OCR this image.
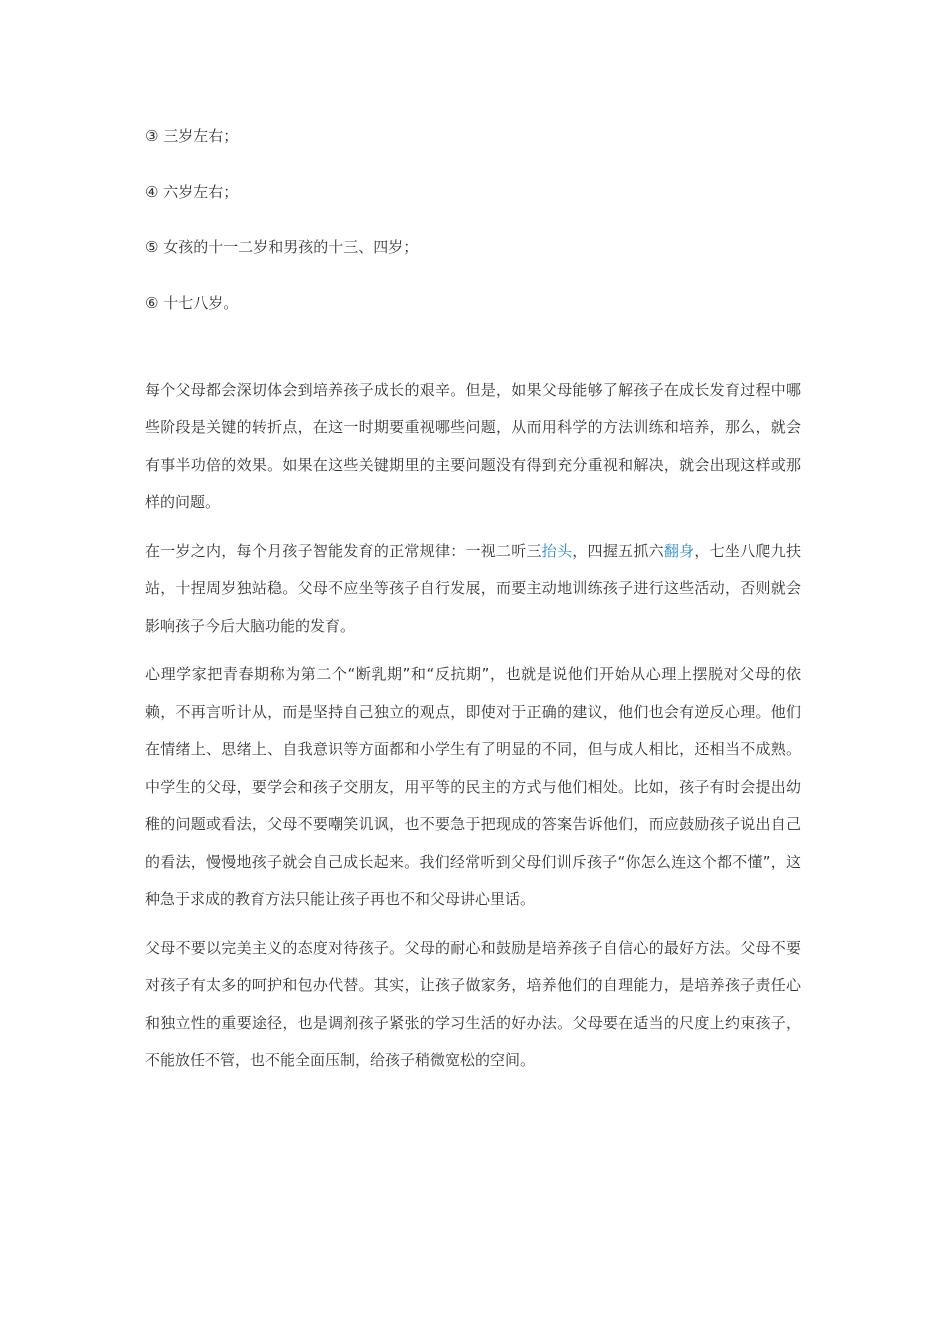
③ 三岁左右；
④ 六岁左右；
⑤ 女孩的十一二岁和男孩的十三、四岁；
⑥ 十七八岁。

每个父母都会深切体会到培养孩子成长的艰辛。但是，如果父母能够了解孩子在成长发育过程中哪些阶段是关键的转折点，在这一时期要重视哪些问题，从而用科学的方法训练和培养，那么，就会有事半功倍的效果。如果在这些关键期里的主要问题没有得到充分重视和解决，就会出现这样或那样的问题。

在一岁之内，每个月孩子智能发育的正常规律：一视二听三抬头，四握五抓六翻身，七坐八爬九扶站，十捏周岁独站稳。父母不应坐等孩子自行发展，而要主动地训练孩子进行这些活动，否则就会影响孩子今后大脑功能的发育。

心理学家把青春期称为第二个“断乳期”和“反抗期”，也就是说他们开始从心理上摆脱对父母的依赖，不再言听计从，而是坚持自己独立的观点，即使对于正确的建议，他们也会有逆反心理。他们在情绪上、思绪上、自我意识等方面都和小学生有了明显的不同，但与成人相比，还相当不成熟。中学生的父母，要学会和孩子交朋友，用平等的民主的方式与他们相处。比如，孩子有时会提出幼稚的问题或看法，父母不要嘲笑讥讽，也不要急于把现成的答案告诉他们，而应鼓励孩子说出自己的看法，慢慢地孩子就会自己成长起来。我们经常听到父母们训斥孩子“你怎么连这个都不懂”，这种急于求成的教育方法只能让孩子再也不和父母讲心里话。

父母不要以完美主义的态度对待孩子。父母的耐心和鼓励是培养孩子自信心的最好方法。父母不要对孩子有太多的呵护和包办代替。其实，让孩子做家务，培养他们的自理能力，是培养孩子责任心和独立性的重要途径，也是调剂孩子紧张的学习生活的好办法。父母要在适当的尺度上约束孩子，不能放任不管，也不能全面压制，给孩子稍微宽松的空间。
